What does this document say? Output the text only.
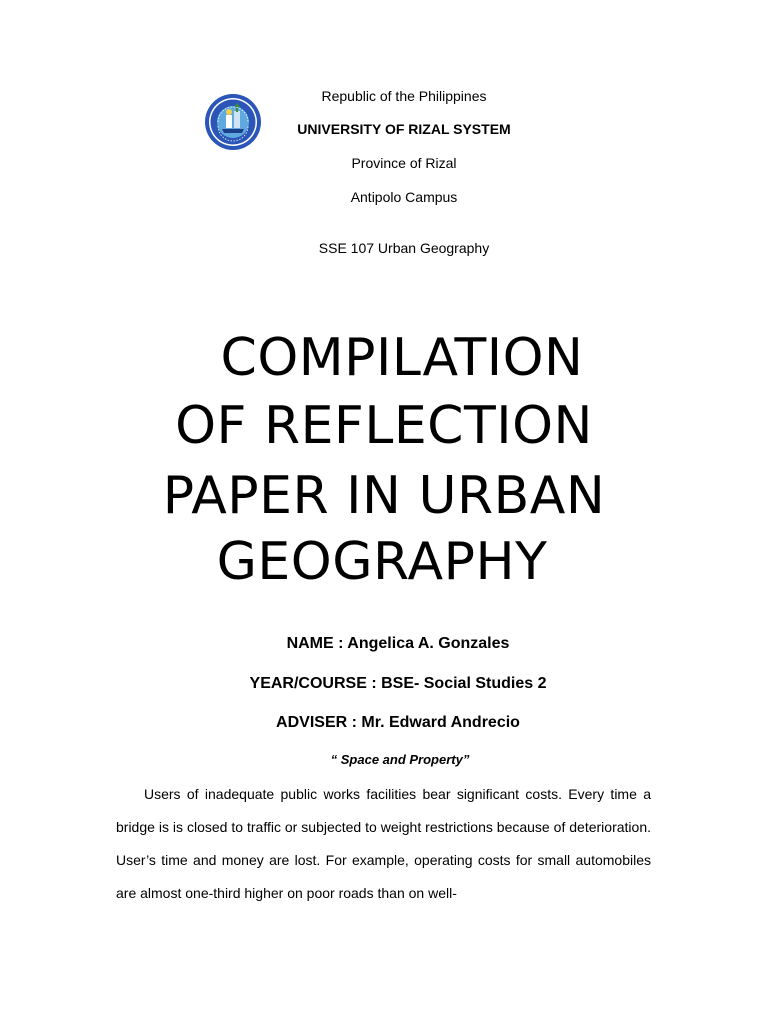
Republic of the Philippines
UNIVERSITY OF RIZAL SYSTEM
Province of Rizal
Antipolo Campus
SSE 107 Urban Geography
COMPILATION
OF REFLECTION
PAPER IN URBAN
GEOGRAPHY
NAME : Angelica A. Gonzales
YEAR/COURSE : BSE- Social Studies 2
ADVISER : Mr. Edward Andrecio
“ Space and Property”
Users of inadequate public works facilities bear significant costs. Every time a bridge is is closed to traffic or subjected to weight restrictions because of deterioration. User’s time and money are lost. For example, operating costs for small automobiles are almost one-third higher on poor roads than on well-
